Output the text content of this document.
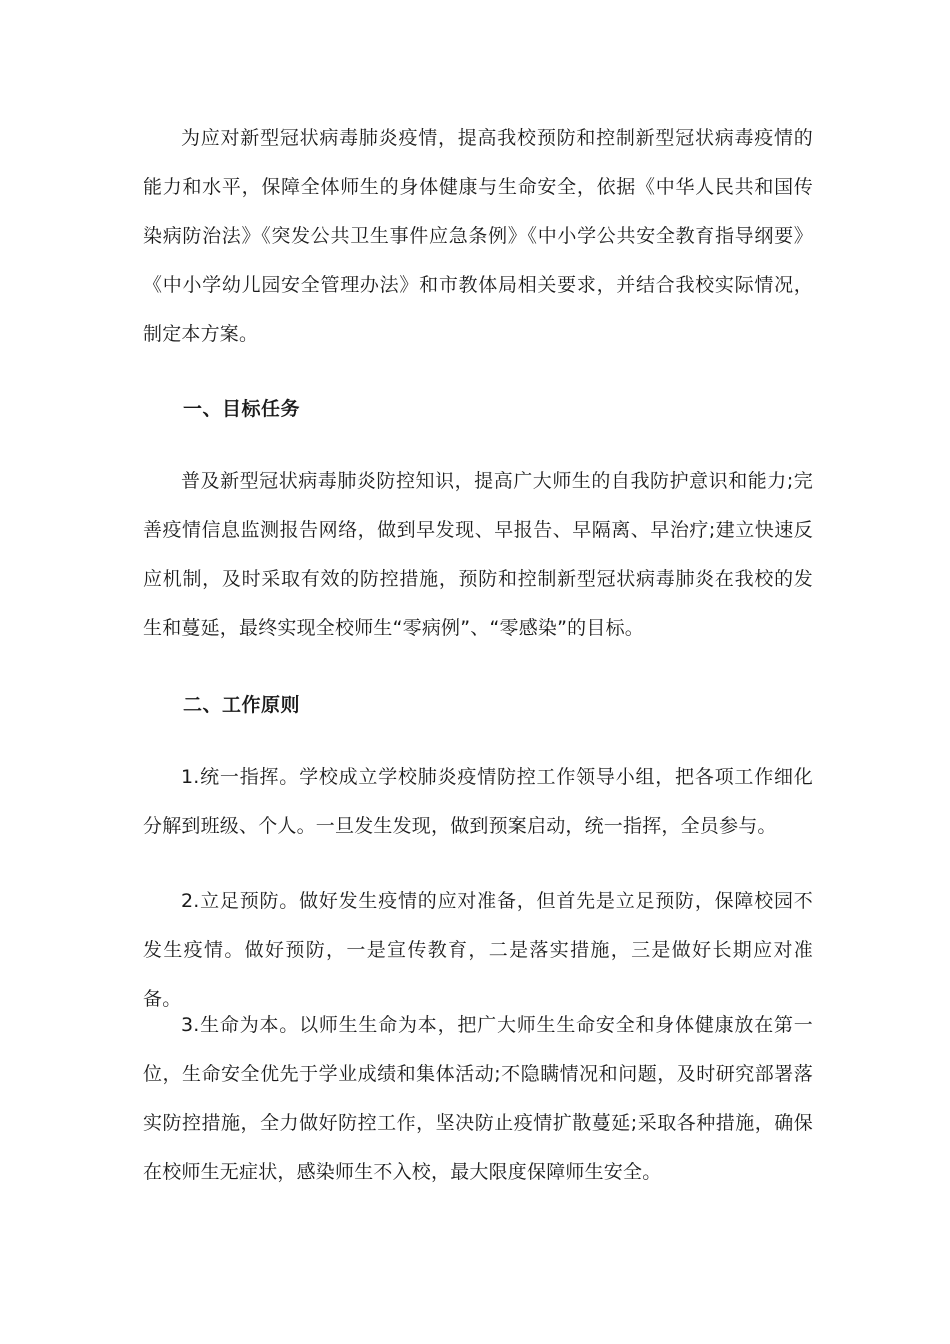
为应对新型冠状病毒肺炎疫情，提高我校预防和控制新型冠状病毒疫情的能力和水平，保障全体师生的身体健康与生命安全，依据《中华人民共和国传染病防治法》《突发公共卫生事件应急条例》《中小学公共安全教育指导纲要》《中小学幼儿园安全管理办法》和市教体局相关要求，并结合我校实际情况，制定本方案。

一、目标任务

普及新型冠状病毒肺炎防控知识，提高广大师生的自我防护意识和能力;完善疫情信息监测报告网络，做到早发现、早报告、早隔离、早治疗;建立快速反应机制，及时采取有效的防控措施，预防和控制新型冠状病毒肺炎在我校的发生和蔓延，最终实现全校师生“零病例”、“零感染”的目标。

二、工作原则

1.统一指挥。学校成立学校肺炎疫情防控工作领导小组，把各项工作细化分解到班级、个人。一旦发生发现，做到预案启动，统一指挥，全员参与。

2.立足预防。做好发生疫情的应对准备，但首先是立足预防，保障校园不发生疫情。做好预防，一是宣传教育，二是落实措施，三是做好长期应对准备。

3.生命为本。以师生生命为本，把广大师生生命安全和身体健康放在第一位，生命安全优先于学业成绩和集体活动;不隐瞒情况和问题，及时研究部署落实防控措施，全力做好防控工作，坚决防止疫情扩散蔓延;采取各种措施，确保在校师生无症状，感染师生不入校，最大限度保障师生安全。
